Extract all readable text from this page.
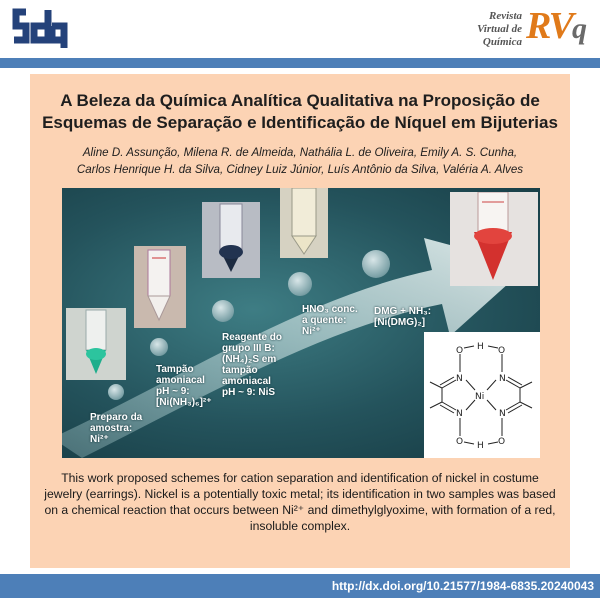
Revista
Virtual de
Química RVq
A Beleza da Química Analítica Qualitativa na Proposição de
Esquemas de Separação e Identificação de Níquel em Bijuterias
Aline D. Assunção, Milena R. de Almeida, Nathália L. de Oliveira, Emily A. S. Cunha,
Carlos Henrique H. da Silva, Cidney Luiz Júnior, Luís Antônio da Silva, Valéria A. Alves
Preparo da
amostra:
Ni²⁺
Tampão
amoniacal
pH ~ 9:
[Ni(NH₃)₆]²⁺
Reagente do
grupo III B:
(NH₄)₂S em
tampão
amoniacal
pH ~ 9: NiS
HNO₃ conc.
a quente:
Ni²⁺
DMG + NH₃:
[Ni(DMG)₂]
O	O
O	O
H
H
N	N
N	N
Ni
This work proposed schemes for cation separation and identification of nickel in costume jewelry (earrings). Nickel is a potentially toxic metal; its identification in two samples was based on a chemical reaction that occurs between Ni²⁺ and dimethylglyoxime, with formation of a red, insoluble complex.
http://dx.doi.org/10.21577/1984-6835.20240043
